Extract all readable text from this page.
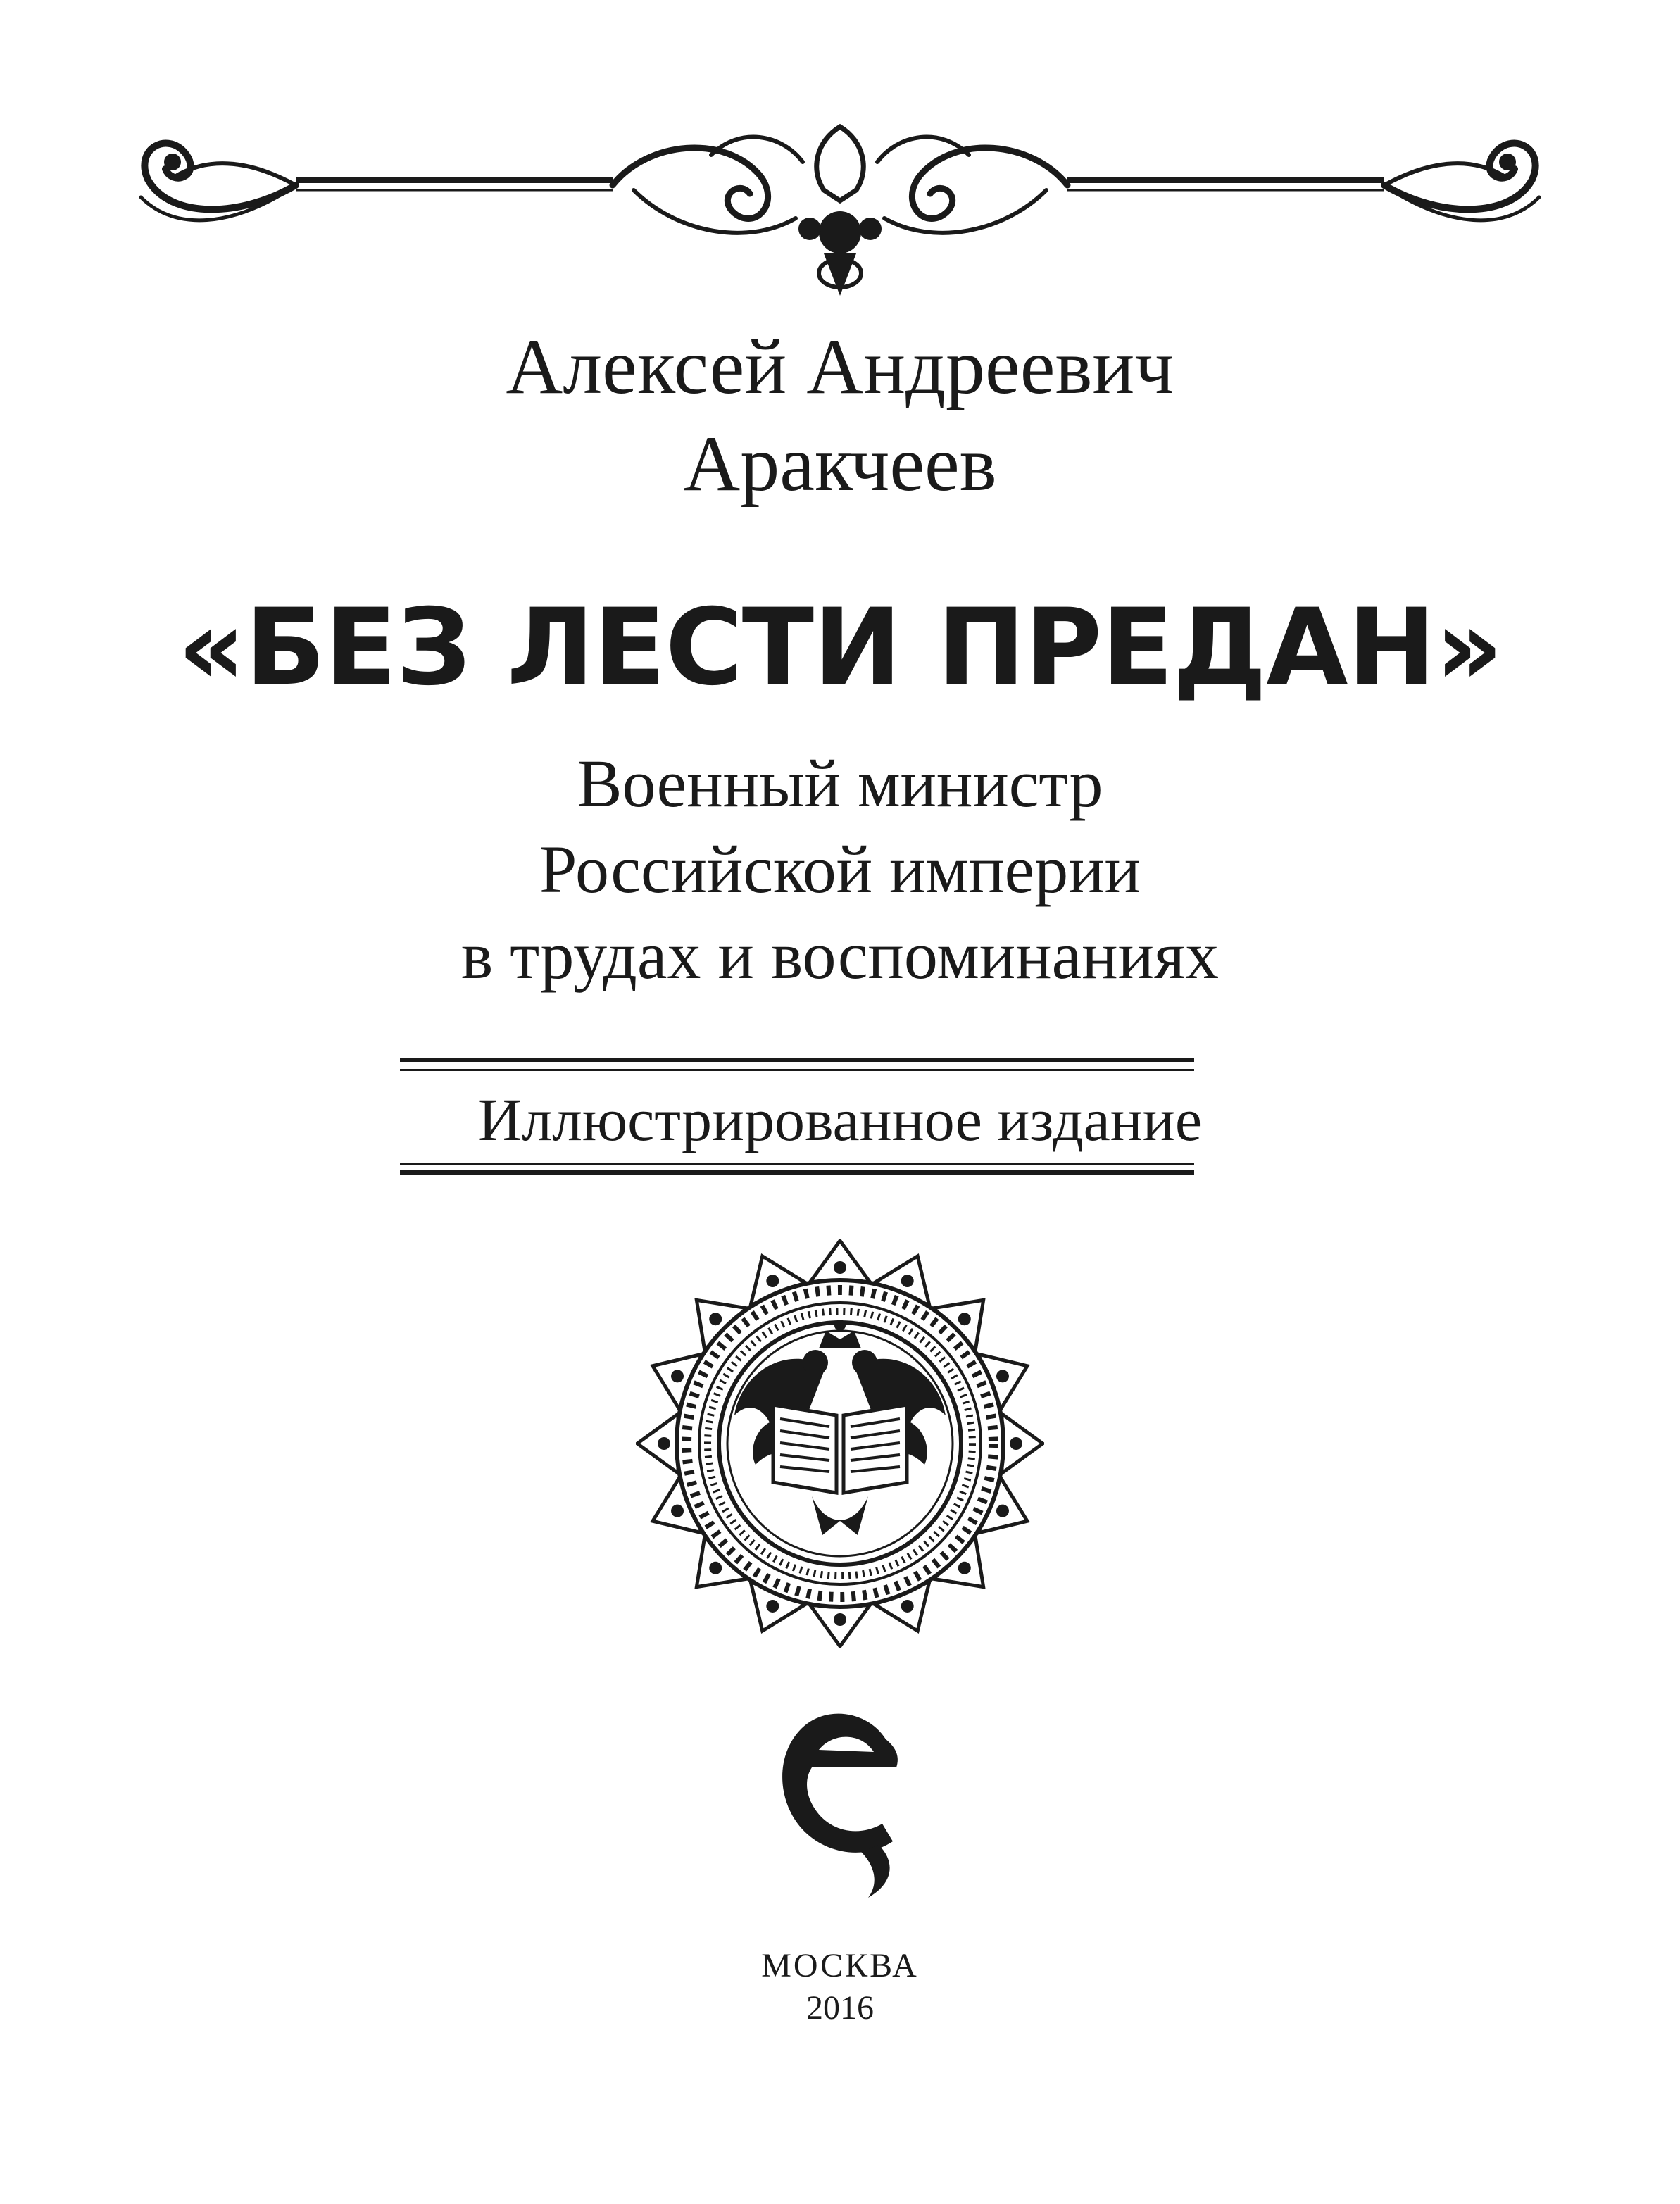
Алексей Андреевич
Аракчеев
«БЕЗ ЛЕСТИ ПРЕДАН»
Военный министр
Российской империи
в трудах и воспоминаниях
Иллюстрированное издание
МОСКВА
2016
